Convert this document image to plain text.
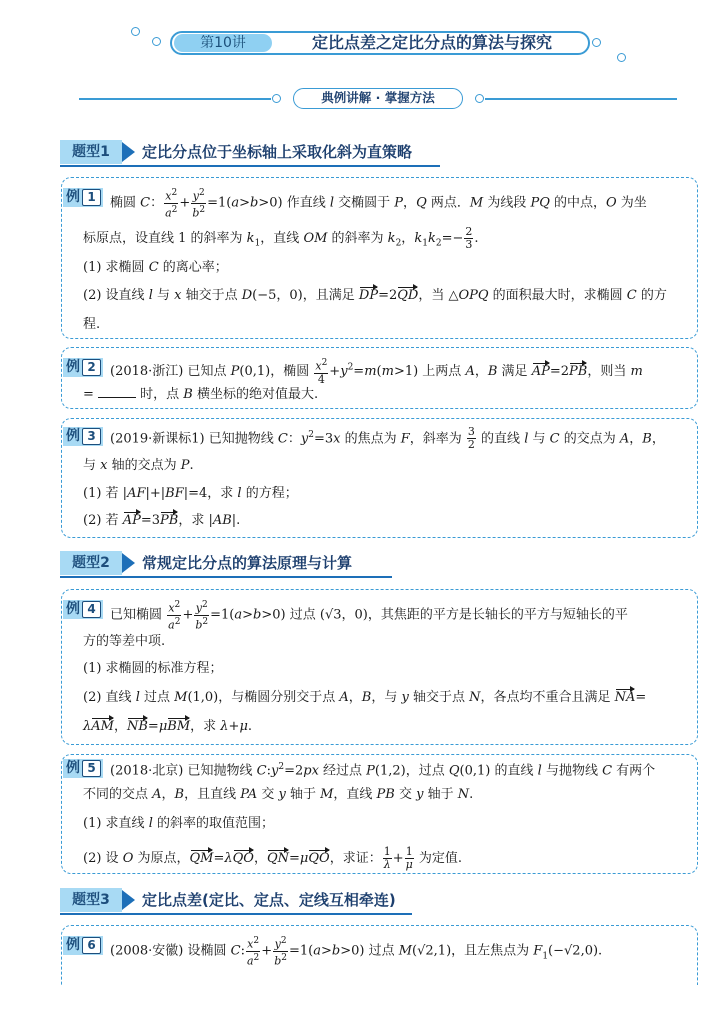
第10讲	定比点差之定比分点的算法与探究
典例讲解 · 掌握方法
题型1	定比分点位于坐标轴上采取化斜为直策略
例 1	椭圆 C： $\frac{x^2}{a^2} + \frac{y^2}{b^2} =1(a>b>0)$ 作直线 l 交椭圆于 P，Q 两点．M 为线段 PQ 的中点，O 为坐
标原点，设直线 1 的斜率为 $k_1$，直线 OM 的斜率为 $k_2$，$k_1k_2=- \frac{2}{3}$ .
(1) 求椭圆 C 的离心率；
(2) 设直线 l 与 x 轴交于点 D(−5，0)，且满足 DP=2QD，当 △OPQ 的面积最大时，求椭圆 C 的方
程.
例 2	(2018·浙江) 已知点 P(0,1)，椭圆 $\frac{x^2}{4} +y^2=m(m>1)$ 上两点 A，B 满足 AP=2PB，则当 m
=	时，点 B 横坐标的绝对值最大.
例 3	(2019·新课标1) 已知抛物线 C：$y^2=3x$ 的焦点为 F，斜率为 $\frac{3}{2}$ 的直线 l 与 C 的交点为 A，B，
与 x 轴的交点为 P.
(1) 若 |AF|+|BF|=4，求 l 的方程；
(2) 若 AP=3PB，求 |AB|.
题型2	常规定比分点的算法原理与计算
例 4	已知椭圆 $\frac{x^2}{a^2} + \frac{y^2}{b^2} =1(a>b>0)$ 过点 (√3，0)，其焦距的平方是长轴长的平方与短轴长的平
方的等差中项.
(1) 求椭圆的标准方程；
(2) 直线 l 过点 M(1,0)，与椭圆分别交于点 A，B，与 y 轴交于点 N，各点均不重合且满足 NA=
λAM，NB=μBM，求 λ+μ.
例 5	(2018·北京) 已知抛物线 $C:y^2=2px$ 经过点 P(1,2)，过点 Q(0,1) 的直线 l 与抛物线 C 有两个
不同的交点 A，B，且直线 PA 交 y 轴于 M，直线 PB 交 y 轴于 N.
(1) 求直线 l 的斜率的取值范围；
(2) 设 O 为原点，QM=λQO，QN=μQO，求证： $\frac{1}{\lambda} + \frac{1}{\mu}$ 为定值.
题型3	定比点差(定比、定点、定线互相牵连)
例 6	(2008·安徽) 设椭圆 C: $\frac{x^2}{a^2} + \frac{y^2}{b^2} =1(a>b>0)$ 过点 M(√2,1)，且左焦点为 $F_1(-√2,0)$.
